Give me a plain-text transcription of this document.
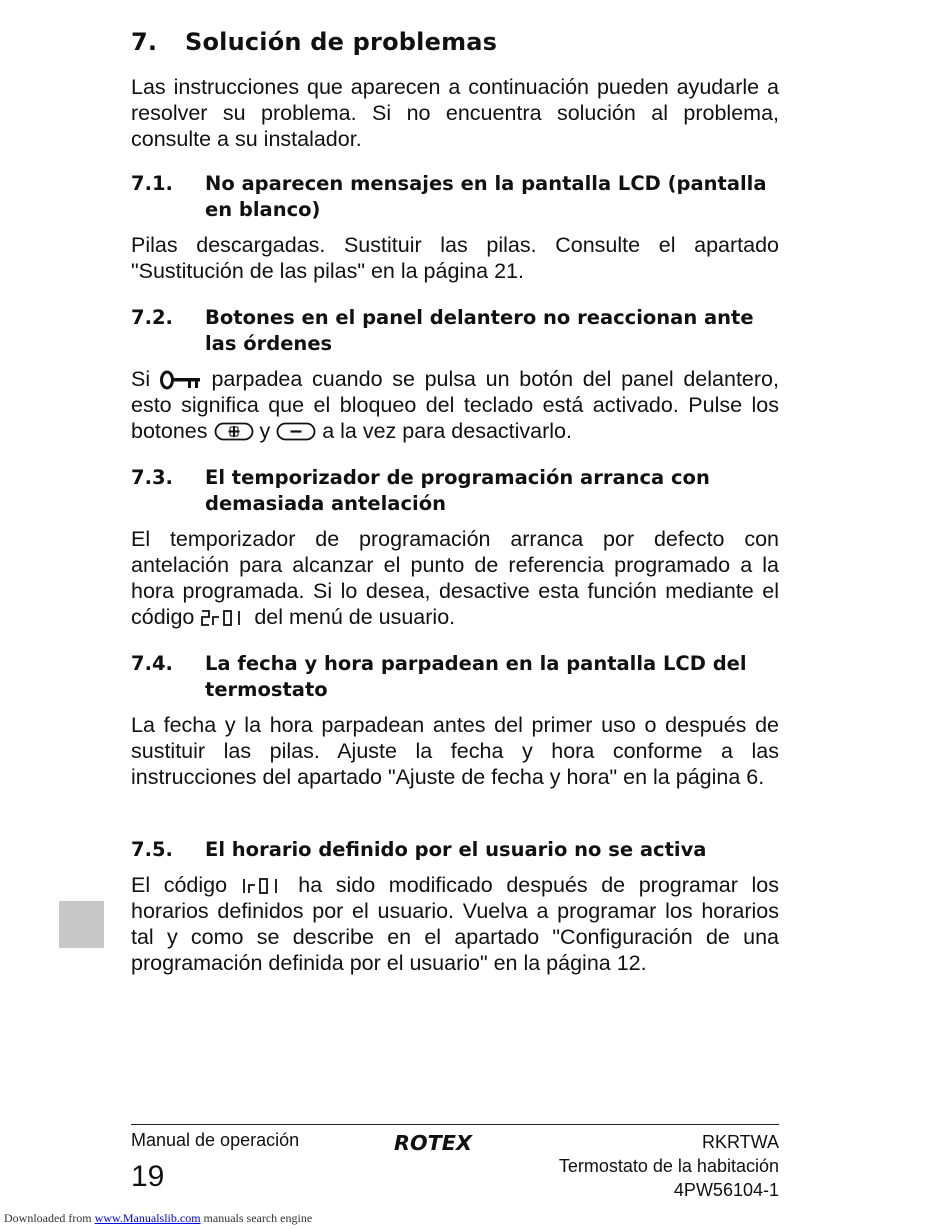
7. Solución de problemas

Las instrucciones que aparecen a continuación pueden ayudarle a resolver su problema. Si no encuentra solución al problema, consulte a su instalador.

7.1. No aparecen mensajes en la pantalla LCD (pantalla en blanco)

Pilas descargadas. Sustituir las pilas. Consulte el apartado "Sustitución de las pilas" en la página 21.

7.2. Botones en el panel delantero no reaccionan ante las órdenes

Si	parpadea cuando se pulsa un botón del panel delantero, esto significa que el bloqueo del teclado está activado. Pulse los botones y a la vez para desactivarlo.

7.3. El temporizador de programación arranca con demasiada antelación

El temporizador de programación arranca por defecto con antelación para alcanzar el punto de referencia programado a la hora programada. Si lo desea, desactive esta función mediante el código	del menú de usuario.

7.4. La fecha y hora parpadean en la pantalla LCD del termostato

La fecha y la hora parpadean antes del primer uso o después de sustituir las pilas. Ajuste la fecha y hora conforme a las instrucciones del apartado "Ajuste de fecha y hora" en la página 6.

7.5. El horario definido por el usuario no se activa

El código	ha sido modificado después de programar los horarios definidos por el usuario. Vuelva a programar los horarios tal y como se describe en el apartado "Configuración de una programación definida por el usuario" en la página 12.

Manual de operación
19
ROTEX	RKRTWA
Termostato de la habitación
4PW56104-1
Downloaded from www.Manualslib.com manuals search engine
